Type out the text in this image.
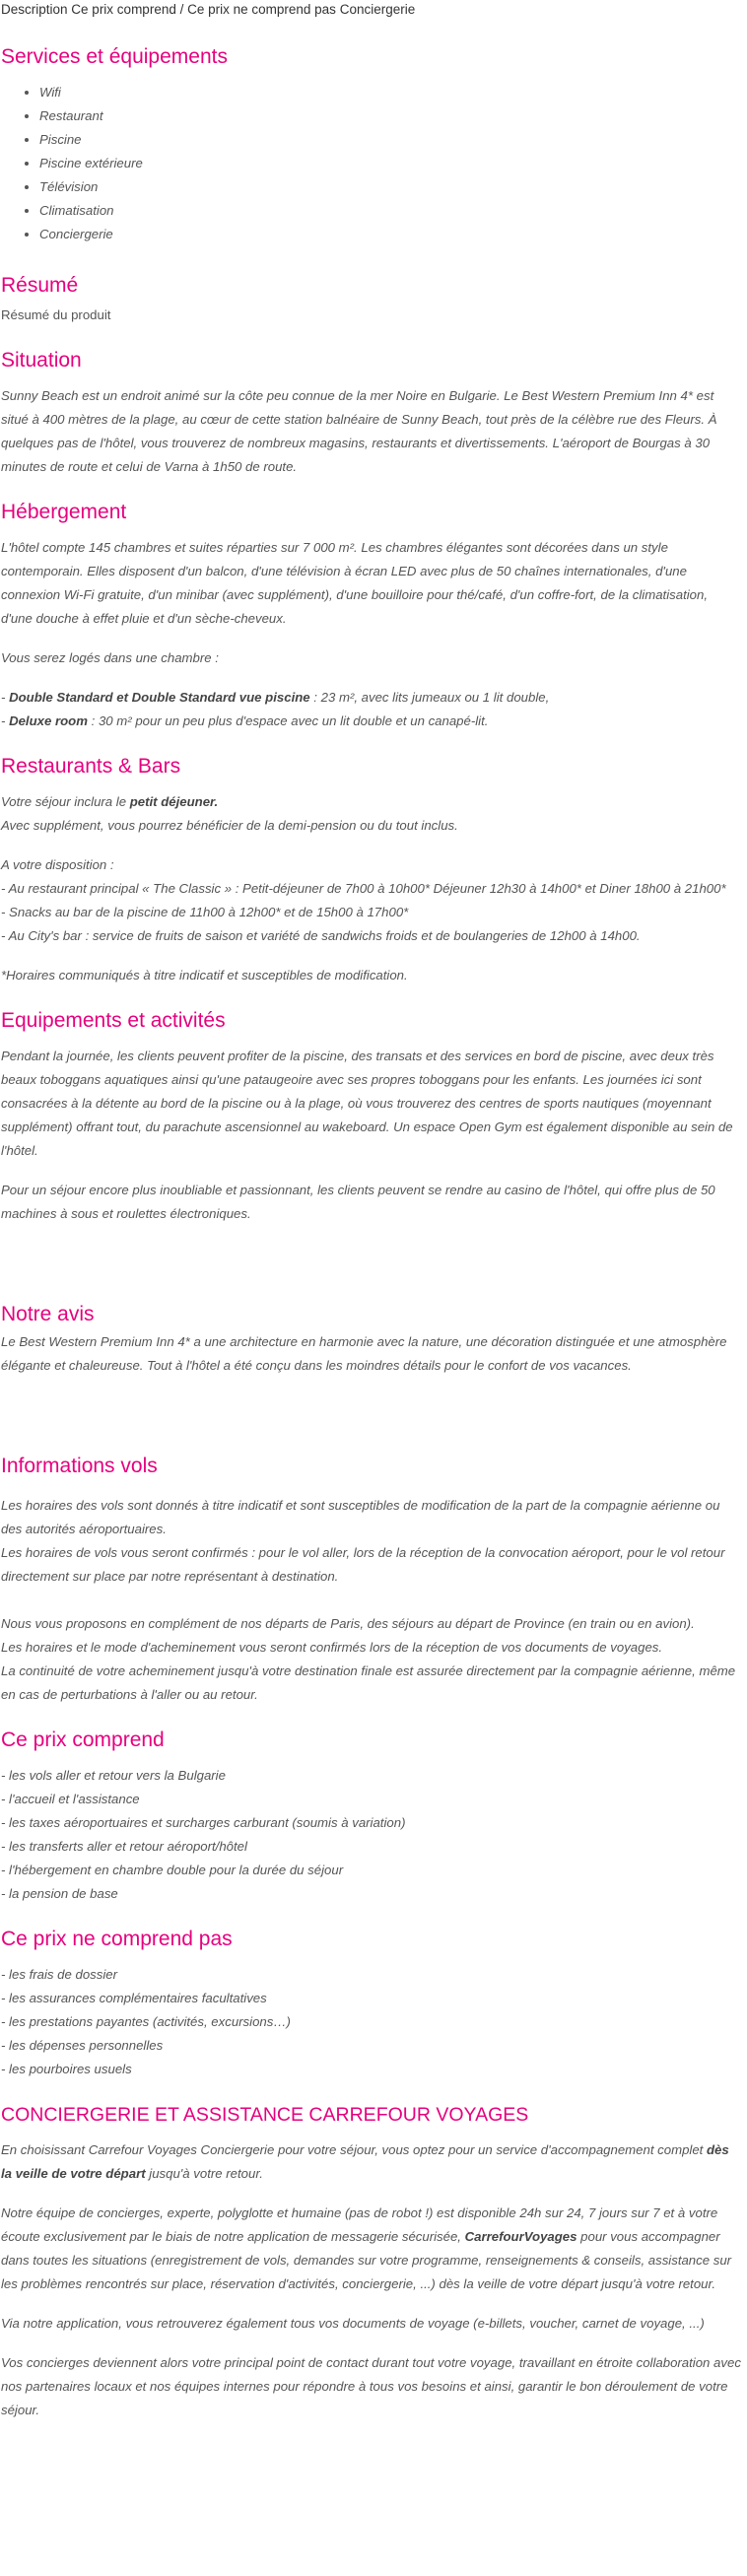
Description Ce prix comprend / Ce prix ne comprend pas Conciergerie
Services et équipements
• Wifi
• Restaurant
• Piscine
• Piscine extérieure
• Télévision
• Climatisation
• Conciergerie
Résumé

Résumé du produit

Situation

Sunny Beach est un endroit animé sur la côte peu connue de la mer Noire en Bulgarie. Le Best Western Premium Inn 4* est situé à 400 mètres de la plage, au cœur de cette station balnéaire de Sunny Beach, tout près de la célèbre rue des Fleurs. À quelques pas de l'hôtel, vous trouverez de nombreux magasins, restaurants et divertissements. L'aéroport de Bourgas à 30 minutes de route et celui de Varna à 1h50 de route.

Hébergement

L'hôtel compte 145 chambres et suites réparties sur 7 000 m². Les chambres élégantes sont décorées dans un style contemporain. Elles disposent d'un balcon, d'une télévision à écran LED avec plus de 50 chaînes internationales, d'une connexion Wi-Fi gratuite, d'un minibar (avec supplément), d'une bouilloire pour thé/café, d'un coffre-fort, de la climatisation, d'une douche à effet pluie et d'un sèche-cheveux.

Vous serez logés dans une chambre :

- Double Standard et Double Standard vue piscine : 23 m², avec lits jumeaux ou 1 lit double,
- Deluxe room : 30 m² pour un peu plus d'espace avec un lit double et un canapé-lit.
Restaurants & Bars
Votre séjour inclura le petit déjeuner.
Avec supplément, vous pourrez bénéficier de la demi-pension ou du tout inclus.
A votre disposition :
- Au restaurant principal « The Classic » : Petit-déjeuner de 7h00 à 10h00* Déjeuner 12h30 à 14h00* et Diner 18h00 à 21h00*
- Snacks au bar de la piscine de 11h00 à 12h00* et de 15h00 à 17h00*
- Au City's bar : service de fruits de saison et variété de sandwichs froids et de boulangeries de 12h00 à 14h00.

*Horaires communiqués à titre indicatif et susceptibles de modification.

Equipements et activités

Pendant la journée, les clients peuvent profiter de la piscine, des transats et des services en bord de piscine, avec deux très beaux toboggans aquatiques ainsi qu'une pataugeoire avec ses propres toboggans pour les enfants. Les journées ici sont consacrées à la détente au bord de la piscine ou à la plage, où vous trouverez des centres de sports nautiques (moyennant supplément) offrant tout, du parachute ascensionnel au wakeboard. Un espace Open Gym est également disponible au sein de l'hôtel.

Pour un séjour encore plus inoubliable et passionnant, les clients peuvent se rendre au casino de l'hôtel, qui offre plus de 50 machines à sous et roulettes électroniques.

Notre avis

Le Best Western Premium Inn 4* a une architecture en harmonie avec la nature, une décoration distinguée et une atmosphère élégante et chaleureuse. Tout à l'hôtel a été conçu dans les moindres détails pour le confort de vos vacances.

Informations vols
Les horaires des vols sont donnés à titre indicatif et sont susceptibles de modification de la part de la compagnie aérienne ou des autorités aéroportuaires.
Les horaires de vols vous seront confirmés : pour le vol aller, lors de la réception de la convocation aéroport, pour le vol retour directement sur place par notre représentant à destination.
Nous vous proposons en complément de nos départs de Paris, des séjours au départ de Province (en train ou en avion).
Les horaires et le mode d'acheminement vous seront confirmés lors de la réception de vos documents de voyages.
La continuité de votre acheminement jusqu'à votre destination finale est assurée directement par la compagnie aérienne, même en cas de perturbations à l'aller ou au retour.
Ce prix comprend
- les vols aller et retour vers la Bulgarie
- l'accueil et l'assistance
- les taxes aéroportuaires et surcharges carburant (soumis à variation)
- les transferts aller et retour aéroport/hôtel
- l'hébergement en chambre double pour la durée du séjour
- la pension de base
Ce prix ne comprend pas
- les frais de dossier
- les assurances complémentaires facultatives
- les prestations payantes (activités, excursions…)
- les dépenses personnelles
- les pourboires usuels
CONCIERGERIE ET ASSISTANCE CARREFOUR VOYAGES

En choisissant Carrefour Voyages Conciergerie pour votre séjour, vous optez pour un service d'accompagnement complet dès la veille de votre départ jusqu'à votre retour.

Notre équipe de concierges, experte, polyglotte et humaine (pas de robot !) est disponible 24h sur 24, 7 jours sur 7 et à votre écoute exclusivement par le biais de notre application de messagerie sécurisée, CarrefourVoyages pour vous accompagner dans toutes les situations (enregistrement de vols, demandes sur votre programme, renseignements & conseils, assistance sur les problèmes rencontrés sur place, réservation d'activités, conciergerie, ...) dès la veille de votre départ jusqu'à votre retour.

Via notre application, vous retrouverez également tous vos documents de voyage (e-billets, voucher, carnet de voyage, ...)

Vos concierges deviennent alors votre principal point de contact durant tout votre voyage, travaillant en étroite collaboration avec nos partenaires locaux et nos équipes internes pour répondre à tous vos besoins et ainsi, garantir le bon déroulement de votre séjour.
